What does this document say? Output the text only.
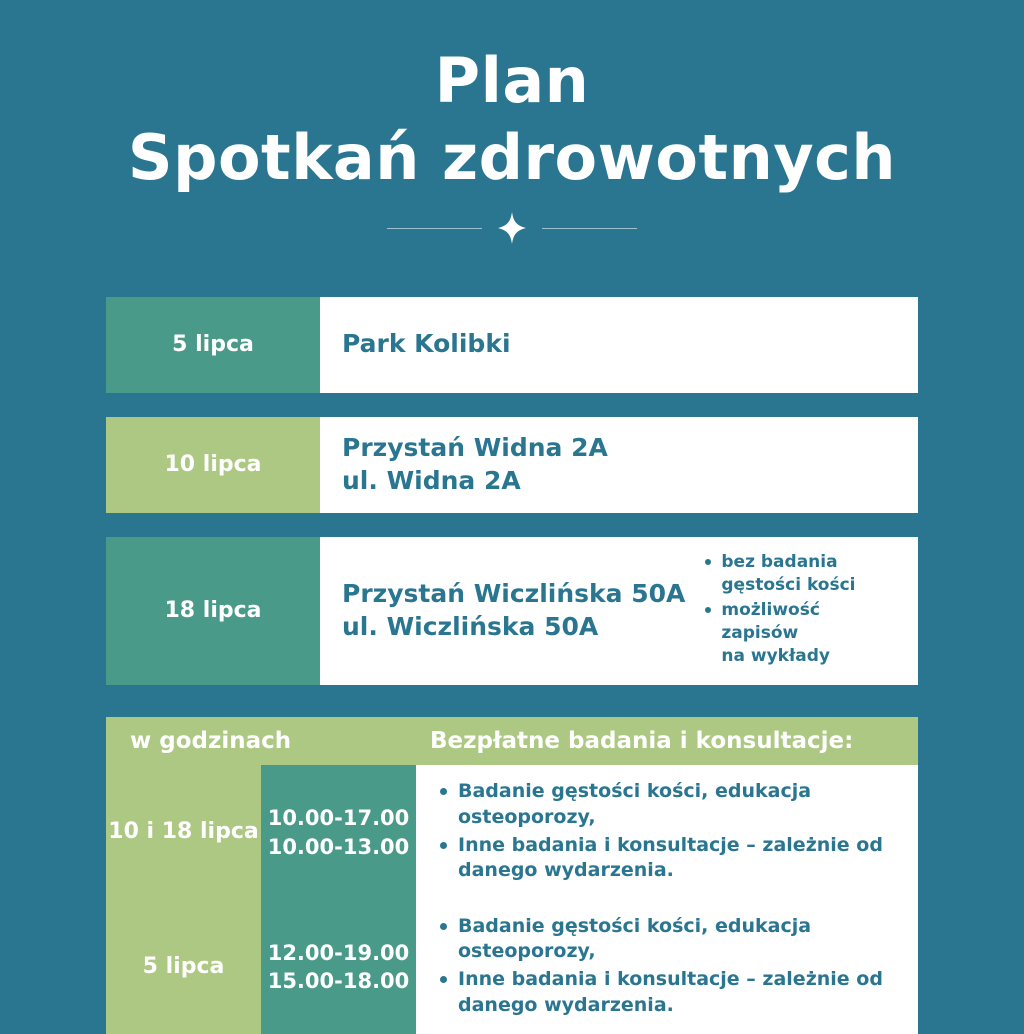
Plan
Spotkań zdrowotnych
5 lipca	Park Kolibki
10 lipca
Przystań Widna 2A
ul. Widna 2A
18 lipca
Przystań Wiczlińska 50A
ul. Wiczlińska 50A
bez badania gęstości kości
możliwość zapisów
na wykłady
w godzinach	Bezpłatne badania i konsultacje:
10 i 18 lipca
10.00-17.00
10.00-13.00
Badanie gęstości kości, edukacja osteoporozy,
Inne badania i konsultacje – zależnie od danego wydarzenia.
5 lipca
12.00-19.00
15.00-18.00
Badanie gęstości kości, edukacja osteoporozy,
Inne badania i konsultacje – zależnie od danego wydarzenia.
